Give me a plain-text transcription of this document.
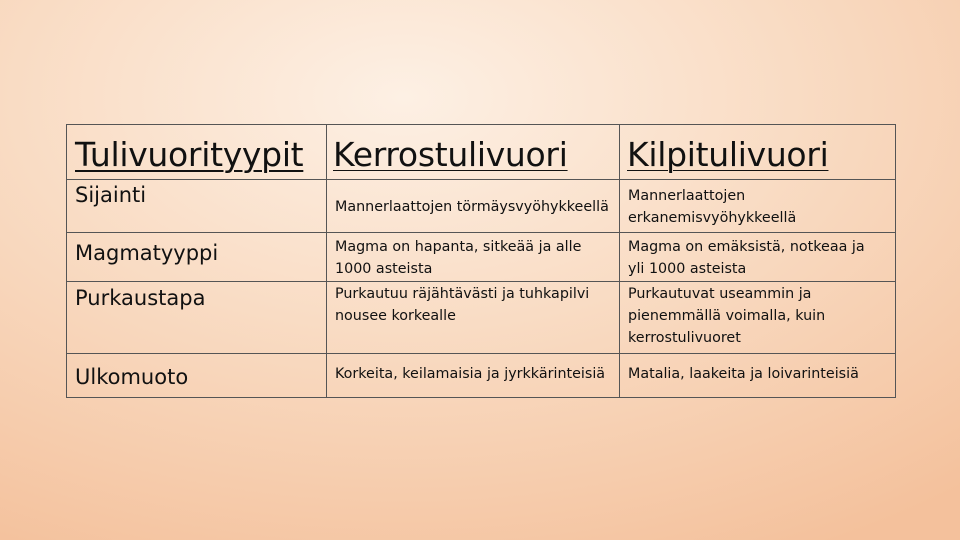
Tulivuorityypit	Kerrostulivuori	Kilpitulivuori

Sijainti	Mannerlaattojen törmäysvyöhykkeellä	Mannerlaattojen erkanemisvyöhykkeellä

Magmatyyppi	Magma on hapanta, sitkeää ja alle 1000 asteista	Magma on emäksistä, notkeaa ja yli 1000 asteista

Purkaustapa	Purkautuu räjähtävästi ja tuhkapilvi nousee korkealle	Purkautuvat useammin ja pienemmällä voimalla, kuin kerrostulivuoret

Ulkomuoto	Korkeita, keilamaisia ja jyrkkärinteisiä	Matalia, laakeita ja loivarinteisiä
